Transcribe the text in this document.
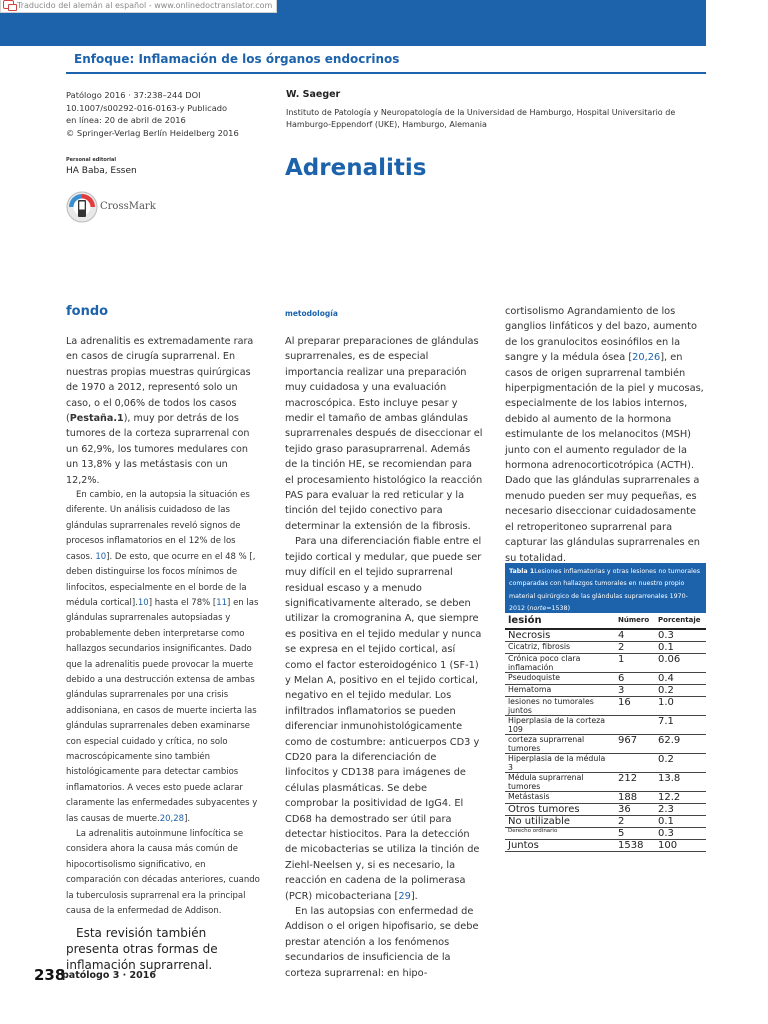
Traducido del alemán al español - www.onlinedoctranslator.com
Enfoque: Inflamación de los órganos endocrinos
Patólogo 2016 · 37:238–244 DOI
10.1007/s00292-016-0163-y Publicado
en línea: 20 de abril de 2016
© Springer-Verlag Berlín Heidelberg 2016
W. Saeger
Instituto de Patología y Neuropatología de la Universidad de Hamburgo, Hospital Universitario de Hamburgo-Eppendorf (UKE), Hamburgo, Alemania
Personal editorial
HA Baba, Essen
CrossMark
Adrenalitis
fondo	metodología

La adrenalitis es extremadamente rara en casos de cirugía suprarrenal. En nuestras propias muestras quirúrgicas de 1970 a 2012, representó solo un caso, o el 0,06% de todos los casos (Pestaña.1), muy por detrás de los tumores de la corteza suprarrenal con un 62,9%, los tumores medulares con un 13,8% y las metástasis con un 12,2%.

En cambio, en la autopsia la situación es diferente. Un análisis cuidadoso de las glándulas suprarrenales reveló signos de procesos inflamatorios en el 12% de los casos. 10]. De esto, que ocurre en el 48 % [, deben distinguirse los focos mínimos de linfocitos, especialmente en el borde de la médula cortical].10] hasta el 78% [11] en las glándulas suprarrenales autopsiadas y probablemente deben interpretarse como hallazgos secundarios insignificantes. Dado que la adrenalitis puede provocar la muerte debido a una destrucción extensa de ambas glándulas suprarrenales por una crisis addisoniana, en casos de muerte incierta las glándulas suprarrenales deben examinarse con especial cuidado y crítica, no solo macroscópicamente sino también histológicamente para detectar cambios inflamatorios. A veces esto puede aclarar claramente las enfermedades subyacentes y las causas de muerte.20,28].

La adrenalitis autoinmune linfocítica se considera ahora la causa más común de hipocortisolismo significativo, en comparación con décadas anteriores, cuando la tuberculosis suprarrenal era la principal causa de la enfermedad de Addison.

Esta revisión también presenta otras formas de inflamación suprarrenal.

Al preparar preparaciones de glándulas suprarrenales, es de especial importancia realizar una preparación muy cuidadosa y una evaluación macroscópica. Esto incluye pesar y medir el tamaño de ambas glándulas suprarrenales después de diseccionar el tejido graso parasuprarrenal. Además de la tinción HE, se recomiendan para el procesamiento histológico la reacción PAS para evaluar la red reticular y la tinción del tejido conectivo para determinar la extensión de la fibrosis.

Para una diferenciación fiable entre el tejido cortical y medular, que puede ser muy difícil en el tejido suprarrenal residual escaso y a menudo significativamente alterado, se deben utilizar la cromogranina A, que siempre es positiva en el tejido medular y nunca se expresa en el tejido cortical, así como el factor esteroidogénico 1 (SF-1) y Melan A, positivo en el tejido cortical, negativo en el tejido medular. Los infiltrados inflamatorios se pueden diferenciar inmunohistológicamente como de costumbre: anticuerpos CD3 y CD20 para la diferenciación de linfocitos y CD138 para imágenes de células plasmáticas. Se debe comprobar la positividad de IgG4. El CD68 ha demostrado ser útil para detectar histiocitos. Para la detección de micobacterias se utiliza la tinción de Ziehl-Neelsen y, si es necesario, la reacción en cadena de la polimerasa (PCR) micobacteriana [29].

En las autopsias con enfermedad de Addison o el origen hipofisario, se debe prestar atención a los fenómenos secundarios de insuficiencia de la corteza suprarrenal: en hipo-

cortisolismo Agrandamiento de los ganglios linfáticos y del bazo, aumento de los granulocitos eosinófilos en la sangre y la médula ósea [20,26], en casos de origen suprarrenal también hiperpigmentación de la piel y mucosas, especialmente de los labios internos, debido al aumento de la hormona estimulante de los melanocitos (MSH) junto con el aumento regulador de la hormona adrenocorticotrópica (ACTH). Dado que las glándulas suprarrenales a menudo pueden ser muy pequeñas, es necesario diseccionar cuidadosamente el retroperitoneo suprarrenal para capturar las glándulas suprarrenales en su totalidad.

Tabla 1Lesiones inflamatorias y otras lesiones no tumorales comparadas con hallazgos tumorales en nuestro propio material quirúrgico de las glándulas suprarrenales 1970-2012 (norte=1538)
lesión	Número	Porcentaje
Necrosis	4	0.3
Cicatriz, fibrosis	2	0.1
Crónica poco clara inflamación	1	0.06
Pseudoquiste	6	0.4
Hematoma	3	0.2
lesiones no tumorales juntos	16	1.0
Hiperplasia de la corteza 109		7.1
corteza suprarrenal tumores	967	62.9
Hiperplasia de la médula 3		0.2
Médula suprarrenal tumores	212	13.8
Metástasis	188	12.2
Otros tumores	36	2.3
No utilizable	2	0.1
Derecho ordinario	5	0.3
Juntos	1538	100
238
patólogo 3 · 2016
